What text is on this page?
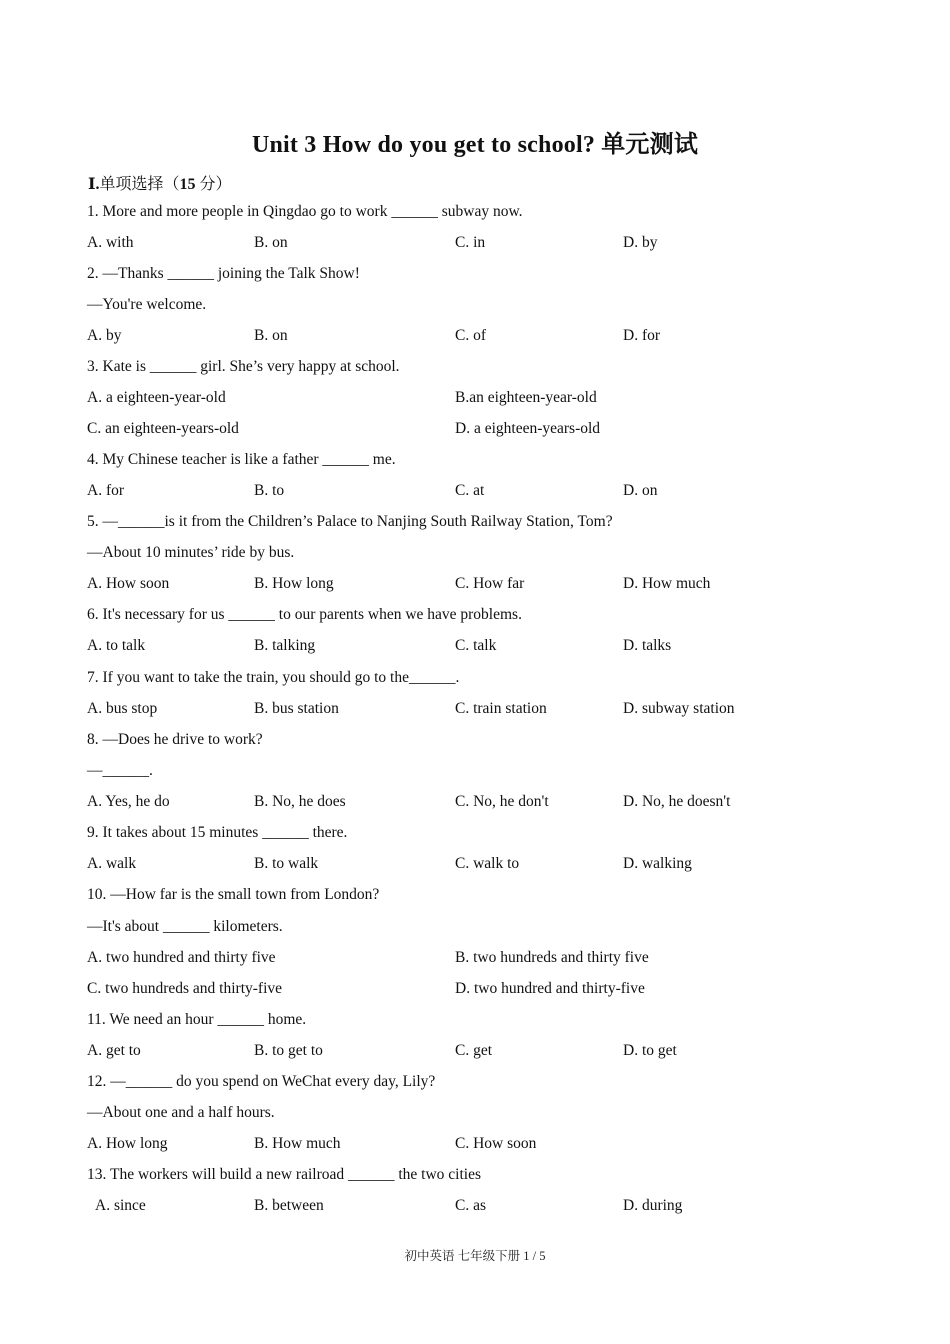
Unit 3 How do you get to school? 单元测试
Ⅰ.单项选择（15 分）
1. More and more people in Qingdao go to work ______ subway now.
A. with	B. on	C. in	D. by
2. —Thanks ______ joining the Talk Show!
—You're welcome.
A. by	B. on	C. of	D. for
3. Kate is ______ girl. She’s very happy at school.
A. a eighteen-year-old	B.an eighteen-year-old
C. an eighteen-years-old	D. a eighteen-years-old
4. My Chinese teacher is like a father ______ me.
A. for	B. to	C. at	D. on
5. —______is it from the Children’s Palace to Nanjing South Railway Station, Tom?
—About 10 minutes’ ride by bus.
A. How soon	B. How long	C. How far	D. How much
6. It's necessary for us ______ to our parents when we have problems.
A. to talk	B. talking	C. talk	D. talks
7. If you want to take the train, you should go to the______.
A. bus stop	B. bus station	C. train station	D. subway station
8. —Does he drive to work?
—______.
A. Yes, he do	B. No, he does	C. No, he don't	D. No, he doesn't
9. It takes about 15 minutes ______ there.
A. walk	B. to walk	C. walk to	D. walking
10. —How far is the small town from London?
—It's about ______ kilometers.
A. two hundred and thirty five	B. two hundreds and thirty five
C. two hundreds and thirty-five	D. two hundred and thirty-five
11. We need an hour ______ home.
A. get to	B. to get to	C. get	D. to get
12. —______ do you spend on WeChat every day, Lily?
—About one and a half hours.
A. How long	B. How much	C. How soon
13. The workers will build a new railroad ______ the two cities
A. since	B. between	C. as	D. during
初中英语 七年级下册 1 / 5
